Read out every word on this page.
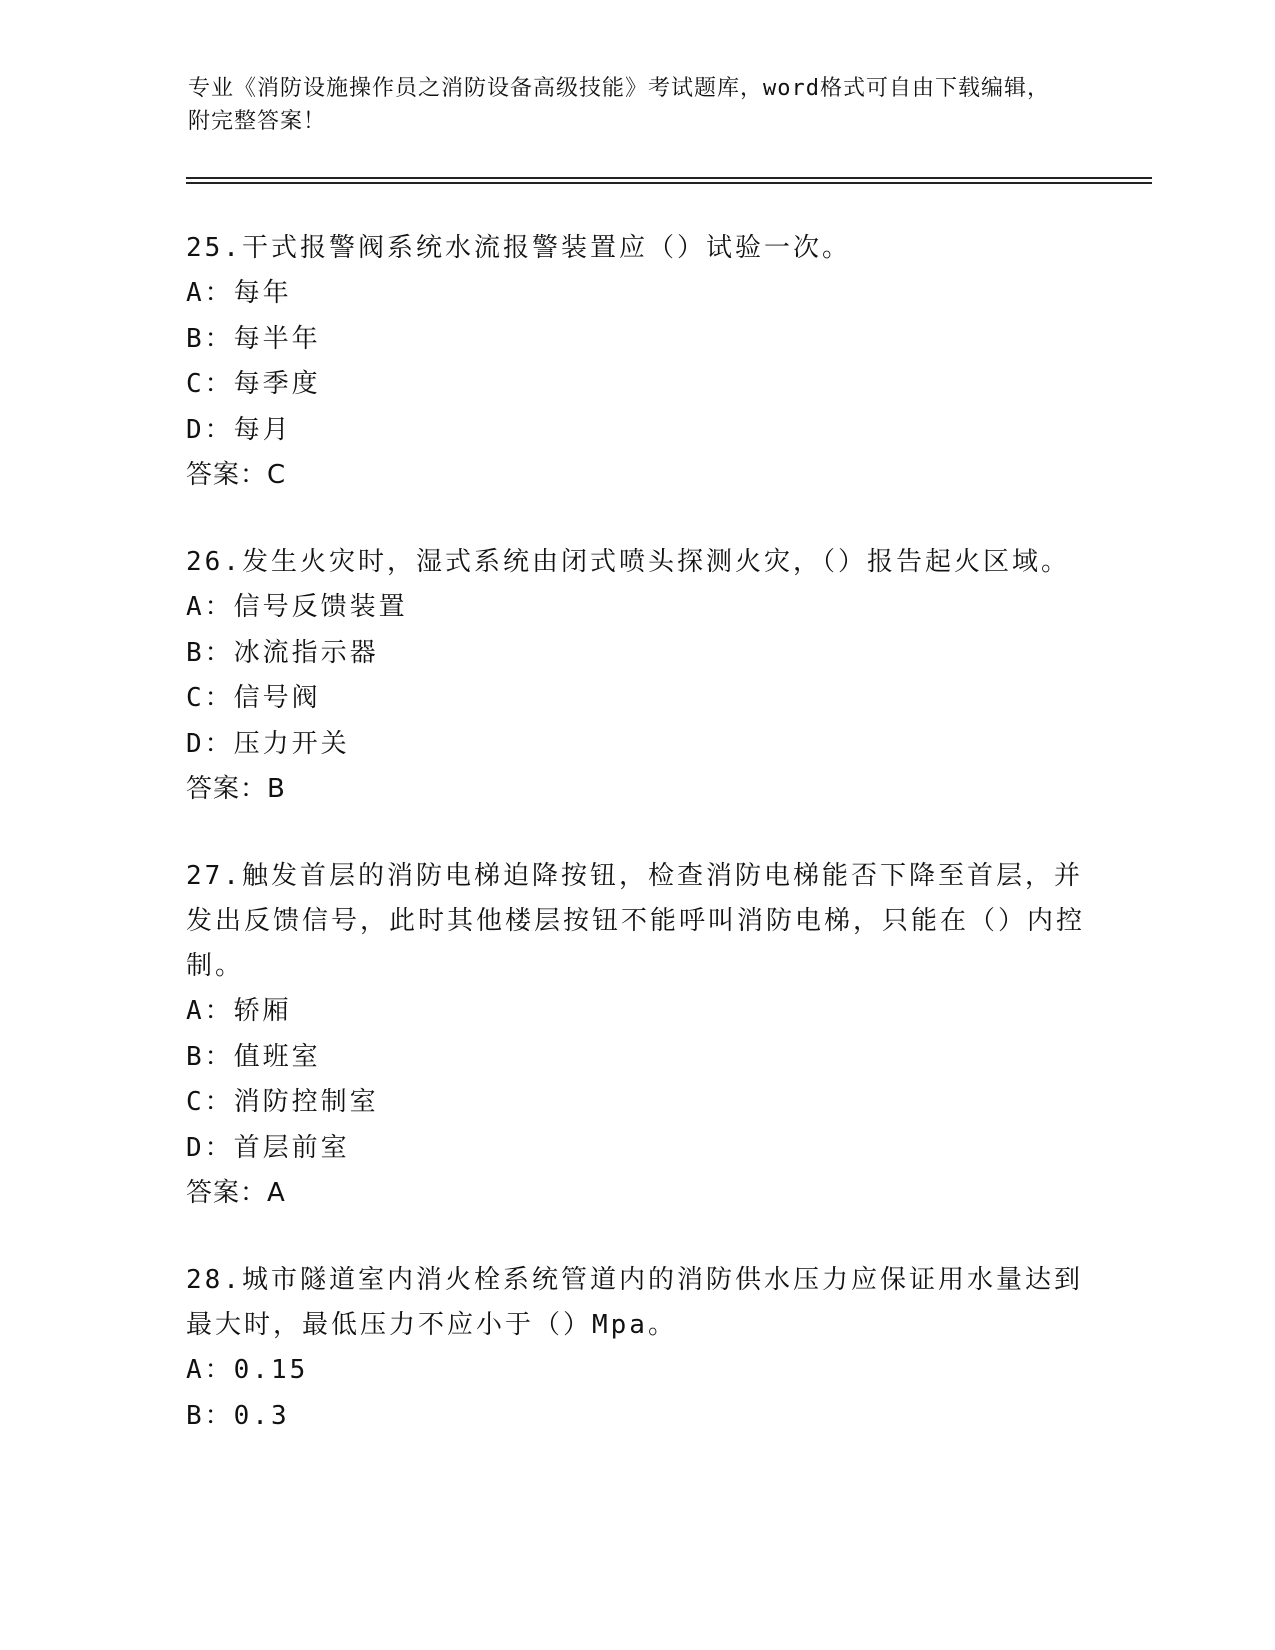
专业《消防设施操作员之消防设备高级技能》考试题库，word格式可自由下载编辑，附完整答案！
25.干式报警阀系统水流报警装置应（）试验一次。
A：每年
B：每半年
C：每季度
D：每月
答案：C
26.发生火灾时，湿式系统由闭式喷头探测火灾，（）报告起火区域。
A：信号反馈装置
B：冰流指示器
C：信号阀
D：压力开关
答案：B
27.触发首层的消防电梯迫降按钮，检查消防电梯能否下降至首层，并发出反馈信号，此时其他楼层按钮不能呼叫消防电梯，只能在（）内控制。
A：轿厢
B：值班室
C：消防控制室
D：首层前室
答案：A
28.城市隧道室内消火栓系统管道内的消防供水压力应保证用水量达到最大时，最低压力不应小于（）Mpa。
A：0.15
B：0.3
